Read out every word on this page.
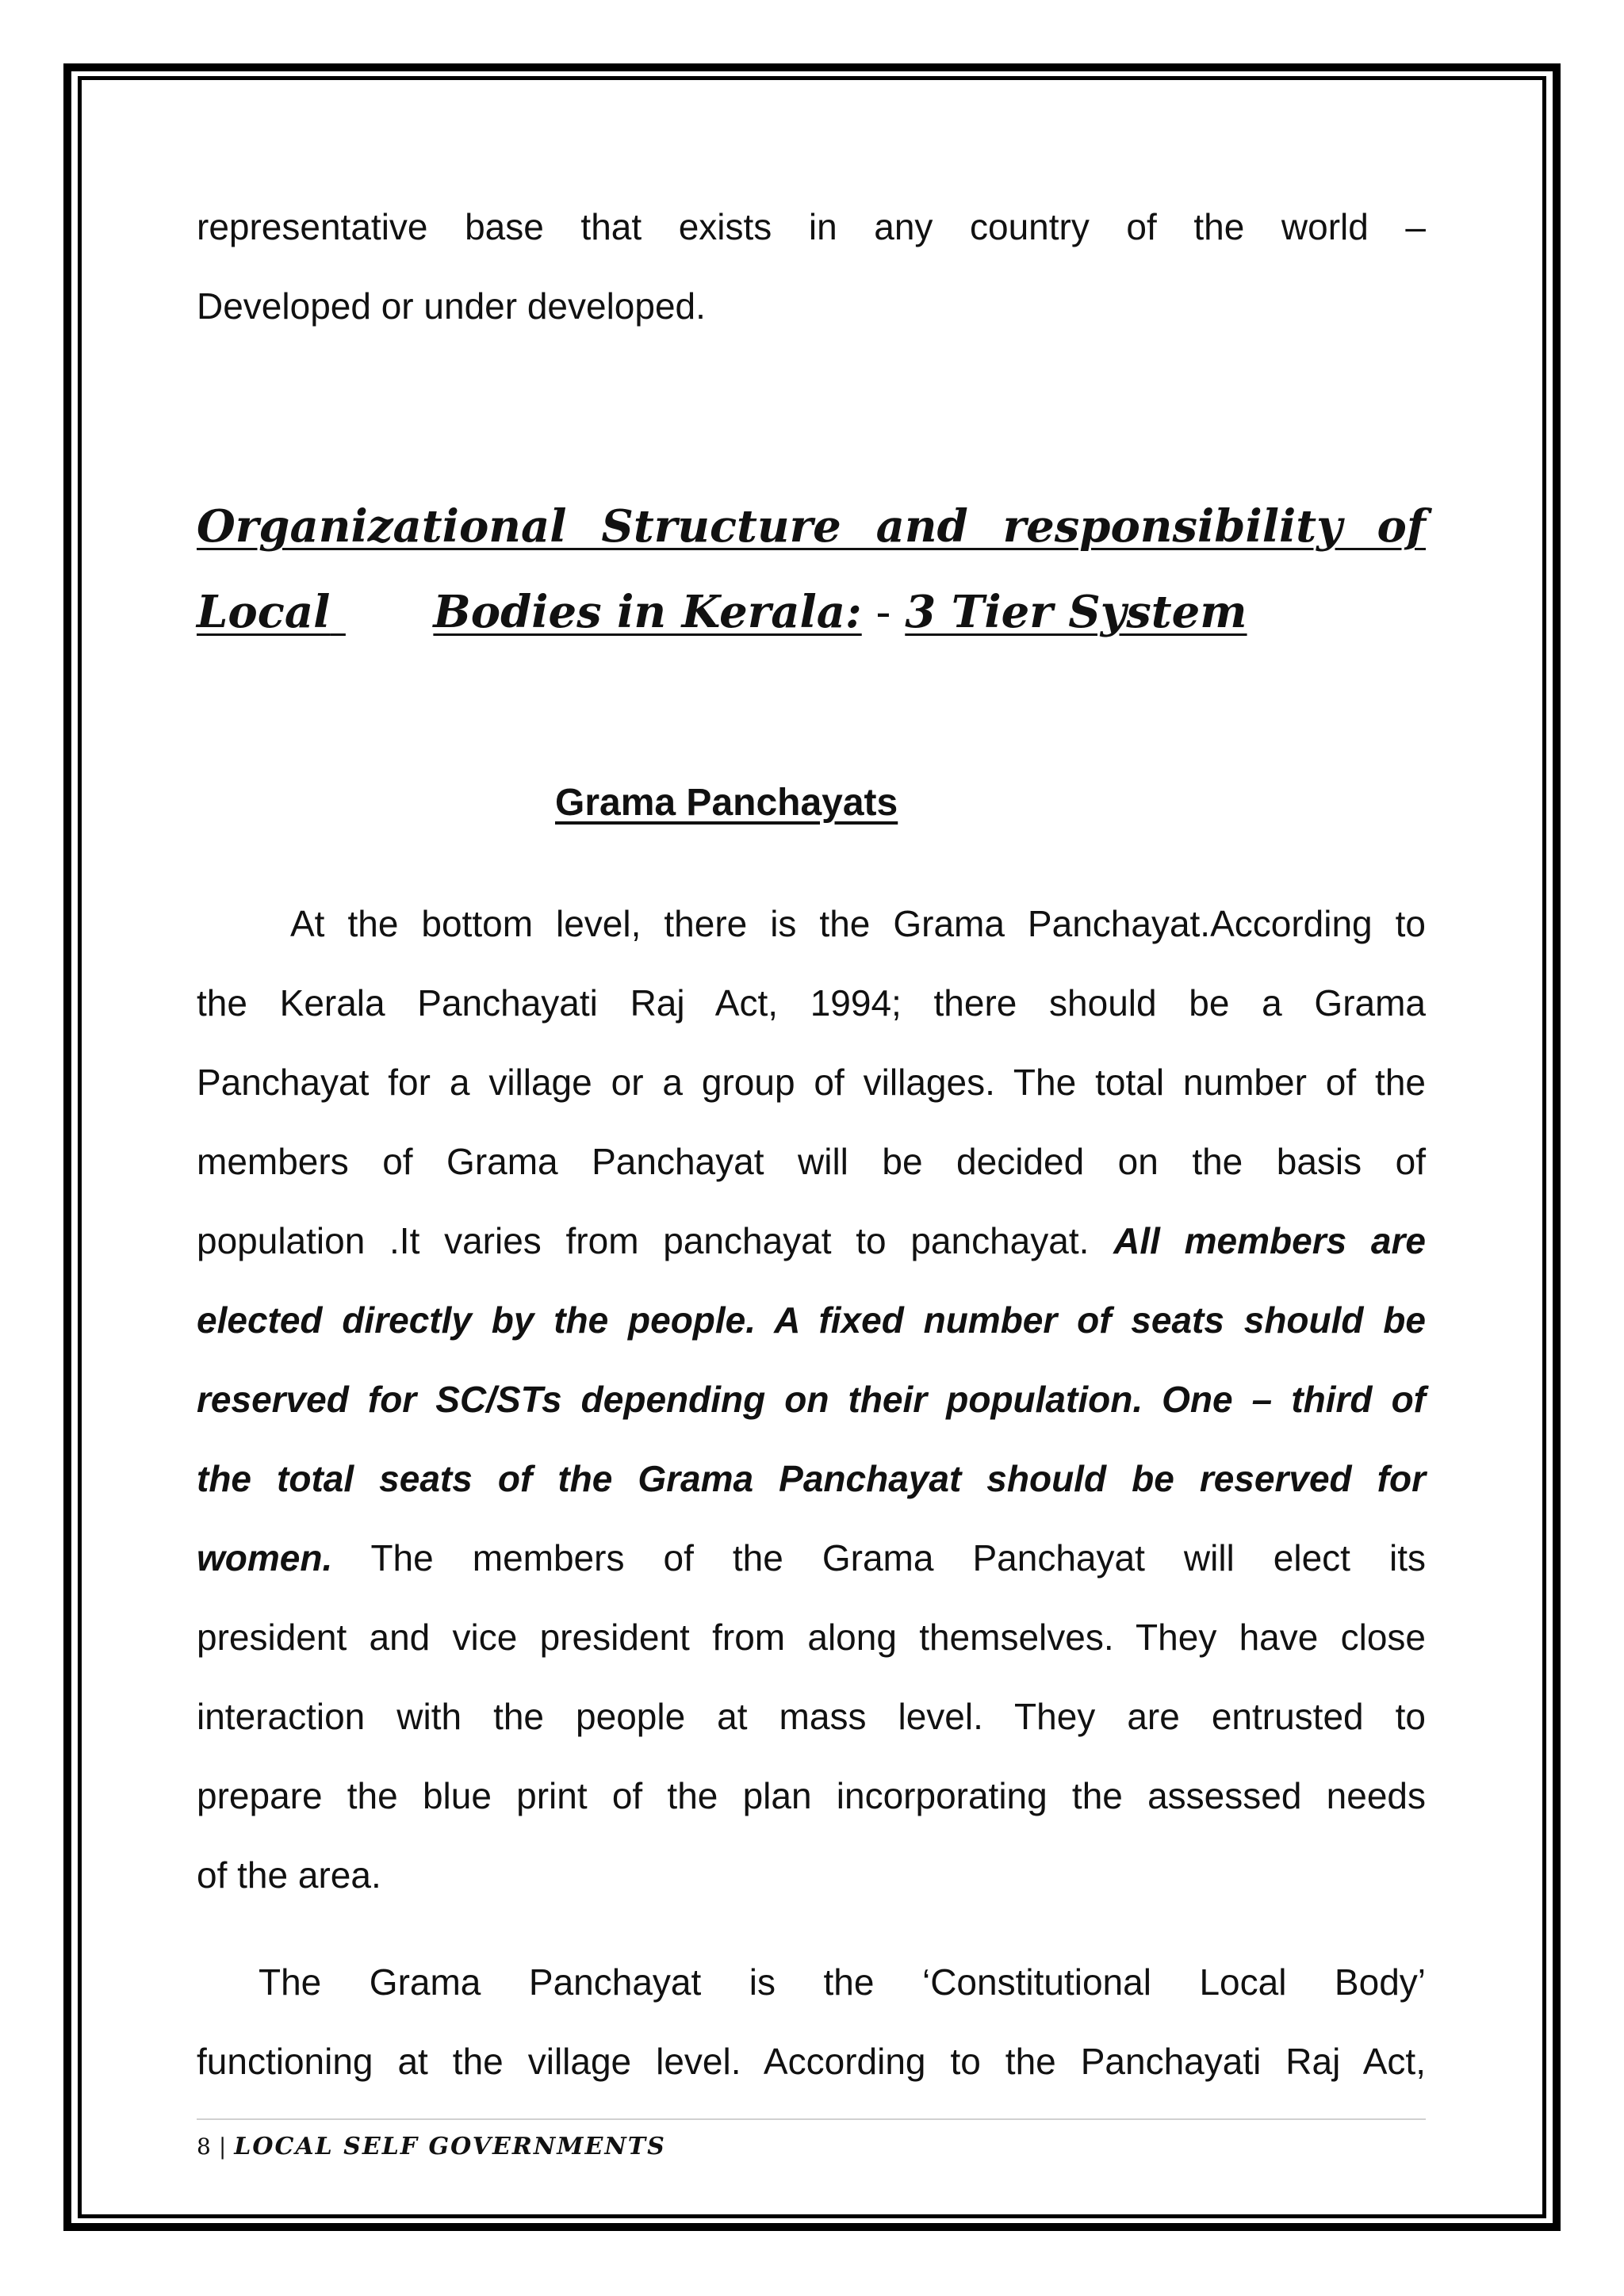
representative base that exists in any country of the world –
Developed or under developed.
Organizational Structure and responsibility of
Local Bodies in Kerala: - 3 Tier System
Grama Panchayats
At the bottom level, there is the Grama Panchayat.According to
the Kerala Panchayati Raj Act, 1994; there should be a Grama
Panchayat for a village or a group of villages. The total number of the
members of Grama Panchayat will be decided on the basis of
population .It varies from panchayat to panchayat. All members are
elected directly by the people. A fixed number of seats should be
reserved for SC/STs depending on their population. One – third of
the total seats of the Grama Panchayat should be reserved for
women. The members of the Grama Panchayat will elect its
president and vice president from along themselves. They have close
interaction with the people at mass level. They are entrusted to
prepare the blue print of the plan incorporating the assessed needs
of the area.
The Grama Panchayat is the ‘Constitutional Local Body’
functioning at the village level. According to the Panchayati Raj Act,
8 | LOCAL SELF GOVERNMENTS
